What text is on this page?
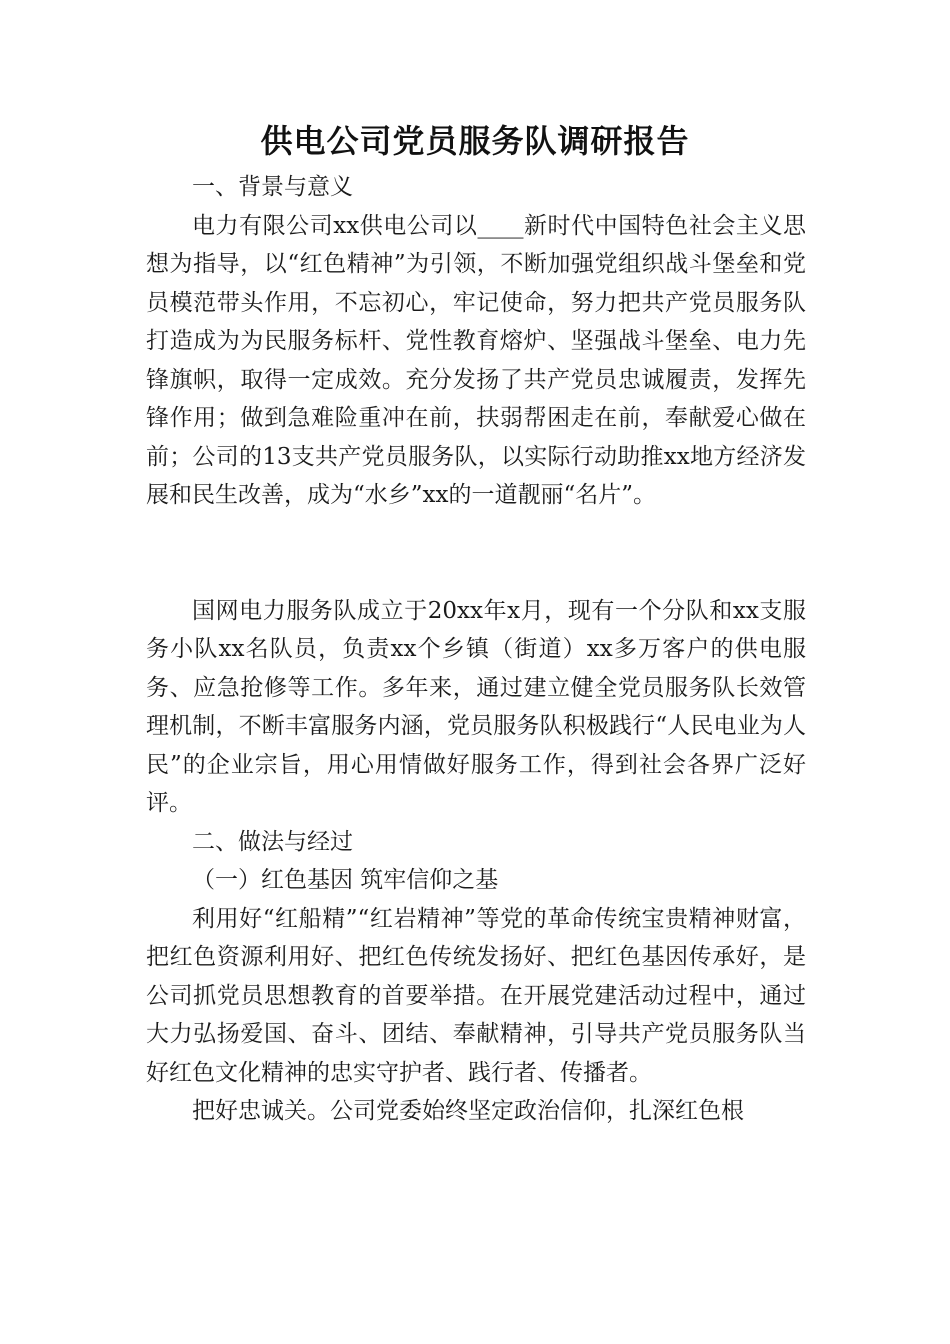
供电公司党员服务队调研报告

一、背景与意义

电力有限公司xx供电公司以____新时代中国特色社会主义思想为指导，以“红色精神”为引领，不断加强党组织战斗堡垒和党员模范带头作用，不忘初心，牢记使命，努力把共产党员服务队打造成为为民服务标杆、党性教育熔炉、坚强战斗堡垒、电力先锋旗帜，取得一定成效。充分发扬了共产党员忠诚履责，发挥先锋作用；做到急难险重冲在前，扶弱帮困走在前，奉献爱心做在前；公司的13支共产党员服务队，以实际行动助推xx地方经济发展和民生改善，成为“水乡”xx的一道靓丽“名片”。

国网电力服务队成立于20xx年x月，现有一个分队和xx支服务小队xx名队员，负责xx个乡镇（街道）xx多万客户的供电服务、应急抢修等工作。多年来，通过建立健全党员服务队长效管理机制，不断丰富服务内涵，党员服务队积极践行“人民电业为人民”的企业宗旨，用心用情做好服务工作，得到社会各界广泛好评。

二、做法与经过

（一）红色基因 筑牢信仰之基

利用好“红船精”“红岩精神”等党的革命传统宝贵精神财富，把红色资源利用好、把红色传统发扬好、把红色基因传承好，是公司抓党员思想教育的首要举措。在开展党建活动过程中，通过大力弘扬爱国、奋斗、团结、奉献精神，引导共产党员服务队当好红色文化精神的忠实守护者、践行者、传播者。

把好忠诚关。公司党委始终坚定政治信仰，扎深红色根
